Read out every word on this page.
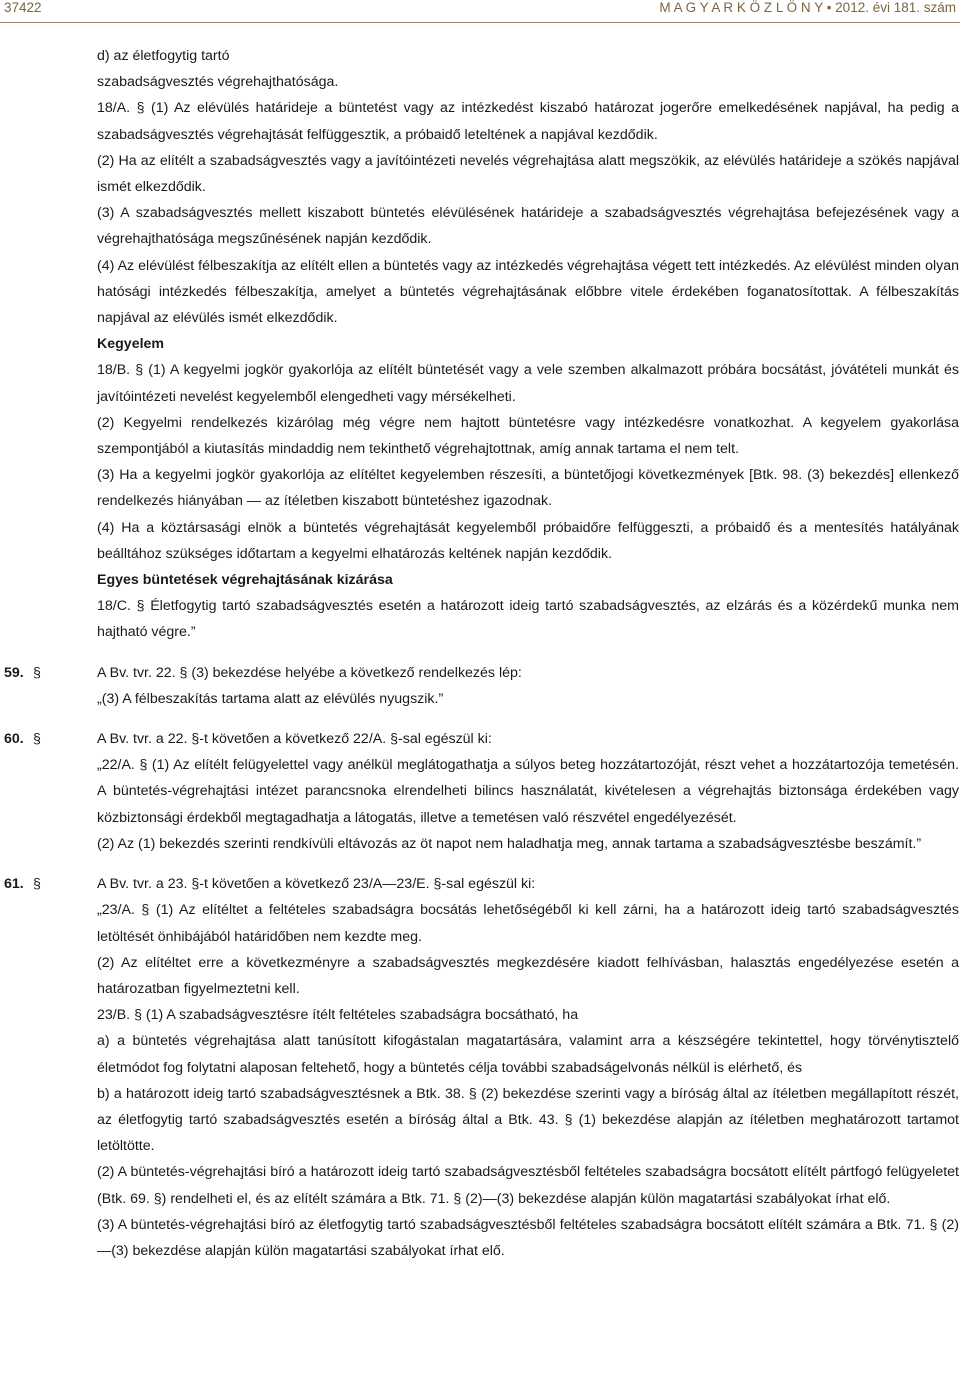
37422	M A G Y A R K Ö Z L Ö N Y • 2012. évi 181. szám

d) az életfogytig tartó

szabadságvesztés végrehajthatósága.

18/A. § (1) Az elévülés határideje a büntetést vagy az intézkedést kiszabó határozat jogerőre emelkedésének napjával, ha pedig a szabadságvesztés végrehajtását felfüggesztik, a próbaidő leteltének a napjával kezdődik.

(2) Ha az elítélt a szabadságvesztés vagy a javítóintézeti nevelés végrehajtása alatt megszökik, az elévülés határideje a szökés napjával ismét elkezdődik.

(3) A szabadságvesztés mellett kiszabott büntetés elévülésének határideje a szabadságvesztés végrehajtása befejezésének vagy a végrehajthatósága megszűnésének napján kezdődik.

(4) Az elévülést félbeszakítja az elítélt ellen a büntetés vagy az intézkedés végrehajtása végett tett intézkedés. Az elévülést minden olyan hatósági intézkedés félbeszakítja, amelyet a büntetés végrehajtásának előbbre vitele érdekében foganatosítottak. A félbeszakítás napjával az elévülés ismét elkezdődik.

Kegyelem

18/B. § (1) A kegyelmi jogkör gyakorlója az elítélt büntetését vagy a vele szemben alkalmazott próbára bocsátást, jóvátételi munkát és javítóintézeti nevelést kegyelemből elengedheti vagy mérsékelheti.

(2) Kegyelmi rendelkezés kizárólag még végre nem hajtott büntetésre vagy intézkedésre vonatkozhat. A kegyelem gyakorlása szempontjából a kiutasítás mindaddig nem tekinthető végrehajtottnak, amíg annak tartama el nem telt.

(3) Ha a kegyelmi jogkör gyakorlója az elítéltet kegyelemben részesíti, a büntetőjogi következmények [Btk. 98. (3) bekezdés] ellenkező rendelkezés hiányában — az ítéletben kiszabott büntetéshez igazodnak.

(4) Ha a köztársasági elnök a büntetés végrehajtását kegyelemből próbaidőre felfüggeszti, a próbaidő és a mentesítés hatályának beálltához szükséges időtartam a kegyelmi elhatározás keltének napján kezdődik.

Egyes büntetések végrehajtásának kizárása

18/C. § Életfogytig tartó szabadságvesztés esetén a határozott ideig tartó szabadságvesztés, az elzárás és a közérdekű munka nem hajtható végre.”

59. §	A Bv. tvr. 22. § (3) bekezdése helyébe a következő rendelkezés lép:

„(3) A félbeszakítás tartama alatt az elévülés nyugszik.”

60. §	A Bv. tvr. a 22. §-t követően a következő 22/A. §-sal egészül ki:

„22/A. § (1) Az elítélt felügyelettel vagy anélkül meglátogathatja a súlyos beteg hozzátartozóját, részt vehet a hozzátartozója temetésén. A büntetés-végrehajtási intézet parancsnoka elrendelheti bilincs használatát, kivételesen a végrehajtás biztonsága érdekében vagy közbiztonsági érdekből megtagadhatja a látogatás, illetve a temetésen való részvétel engedélyezését.

(2) Az (1) bekezdés szerinti rendkívüli eltávozás az öt napot nem haladhatja meg, annak tartama a szabadságvesztésbe beszámít.”

61. §	A Bv. tvr. a 23. §-t követően a következő 23/A—23/E. §-sal egészül ki:

„23/A. § (1) Az elítéltet a feltételes szabadságra bocsátás lehetőségéből ki kell zárni, ha a határozott ideig tartó szabadságvesztés letöltését önhibájából határidőben nem kezdte meg.

(2) Az elítéltet erre a következményre a szabadságvesztés megkezdésére kiadott felhívásban, halasztás engedélyezése esetén a határozatban figyelmeztetni kell.

23/B. § (1) A szabadságvesztésre ítélt feltételes szabadságra bocsátható, ha

a) a büntetés végrehajtása alatt tanúsított kifogástalan magatartására, valamint arra a készségére tekintettel, hogy törvénytisztelő életmódot fog folytatni alaposan feltehető, hogy a büntetés célja további szabadságelvonás nélkül is elérhető, és

b) a határozott ideig tartó szabadságvesztésnek a Btk. 38. § (2) bekezdése szerinti vagy a bíróság által az ítéletben megállapított részét, az életfogytig tartó szabadságvesztés esetén a bíróság által a Btk. 43. § (1) bekezdése alapján az ítéletben meghatározott tartamot letöltötte.

(2) A büntetés-végrehajtási bíró a határozott ideig tartó szabadságvesztésből feltételes szabadságra bocsátott elítélt pártfogó felügyeletet (Btk. 69. §) rendelheti el, és az elítélt számára a Btk. 71. § (2)—(3) bekezdése alapján külön magatartási szabályokat írhat elő.

(3) A büntetés-végrehajtási bíró az életfogytig tartó szabadságvesztésből feltételes szabadságra bocsátott elítélt számára a Btk. 71. § (2)—(3) bekezdése alapján külön magatartási szabályokat írhat elő.
